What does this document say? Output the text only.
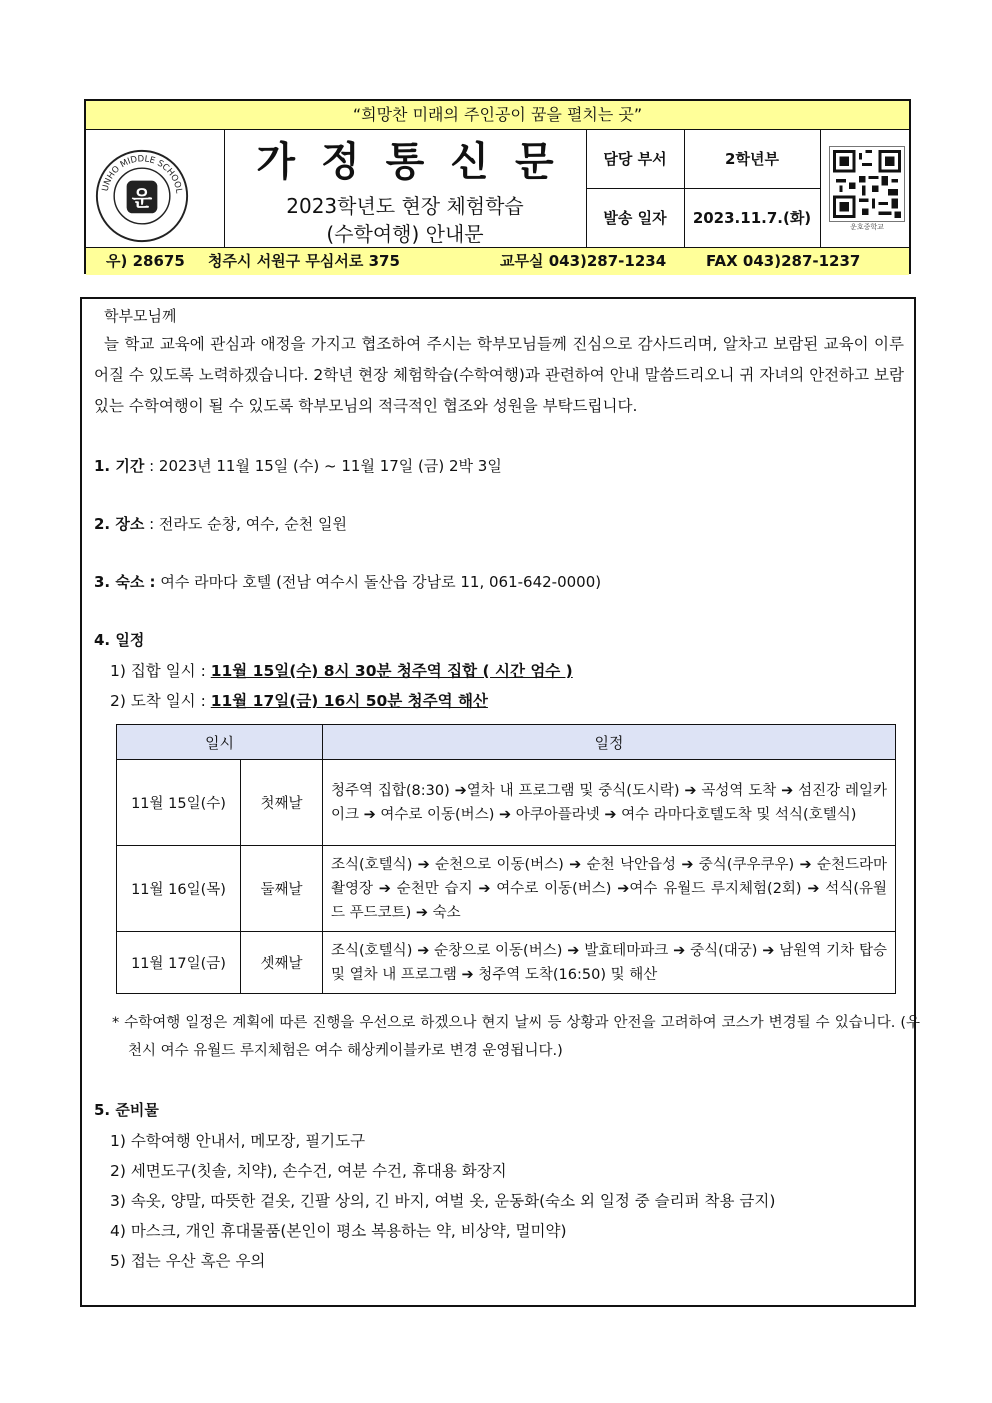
“희망찬 미래의 주인공이 꿈을 펼치는 곳”
UNHO MIDDLE SCHOOL
운
가정통신문
2023학년도 현장 체험학습
(수학여행) 안내문
담당 부서	2학년부
발송 일자	2023.11.7.(화)	운호중학교
우) 28675 청주시 서원구 무심서로 375	교무실 043)287-1234	FAX 043)287-1237
학부모님께
늘 학교 교육에 관심과 애정을 가지고 협조하여 주시는 학부모님들께 진심으로 감사드리며, 알차고 보람된 교육이 이루어질 수 있도록 노력하겠습니다. 2학년 현장 체험학습(수학여행)과 관련하여 안내 말씀드리오니 귀 자녀의 안전하고 보람 있는 수학여행이 될 수 있도록 학부모님의 적극적인 협조와 성원을 부탁드립니다.
1. 기간 : 2023년 11월 15일 (수) ~ 11월 17일 (금) 2박 3일
2. 장소 : 전라도 순창, 여수, 순천 일원
3. 숙소 : 여수 라마다 호텔 (전남 여수시 돌산읍 강남로 11, 061-642-0000)
4. 일정
1) 집합 일시 : 11월 15일(수) 8시 30분 청주역 집합 ( 시간 엄수 )
2) 도착 일시 : 11월 17일(금) 16시 50분 청주역 해산
일시		일정
11월 15일(수)	첫째날	청주역 집합(8:30) ➔열차 내 프로그램 및 중식(도시락) ➔ 곡성역 도착 ➔ 섬진강 레일카이크 ➔ 여수로 이동(버스) ➔ 아쿠아플라넷 ➔ 여수 라마다호텔도착 및 석식(호텔식)
11월 16일(목)	둘째날	조식(호텔식) ➔ 순천으로 이동(버스) ➔ 순천 낙안읍성 ➔ 중식(쿠우쿠우) ➔ 순천드라마촬영장 ➔ 순천만 습지 ➔ 여수로 이동(버스) ➔여수 유월드 루지체험(2회) ➔ 석식(유월드 푸드코트) ➔ 숙소
11월 17일(금)	셋째날	조식(호텔식) ➔ 순창으로 이동(버스) ➔ 발효테마파크 ➔ 중식(대궁) ➔ 남원역 기차 탑승 및 열차 내 프로그램 ➔ 청주역 도착(16:50) 및 해산
* 수학여행 일정은 계획에 따른 진행을 우선으로 하겠으나 현지 날씨 등 상황과 안전을 고려하여 코스가 변경될 수 있습니다. (우천시 여수 유월드 루지체험은 여수 해상케이블카로 변경 운영됩니다.)
5. 준비물
1) 수학여행 안내서, 메모장, 필기도구
2) 세면도구(칫솔, 치약), 손수건, 여분 수건, 휴대용 화장지
3) 속옷, 양말, 따뜻한 겉옷, 긴팔 상의, 긴 바지, 여벌 옷, 운동화(숙소 외 일정 중 슬리퍼 착용 금지)
4) 마스크, 개인 휴대물품(본인이 평소 복용하는 약, 비상약, 멀미약)
5) 접는 우산 혹은 우의
